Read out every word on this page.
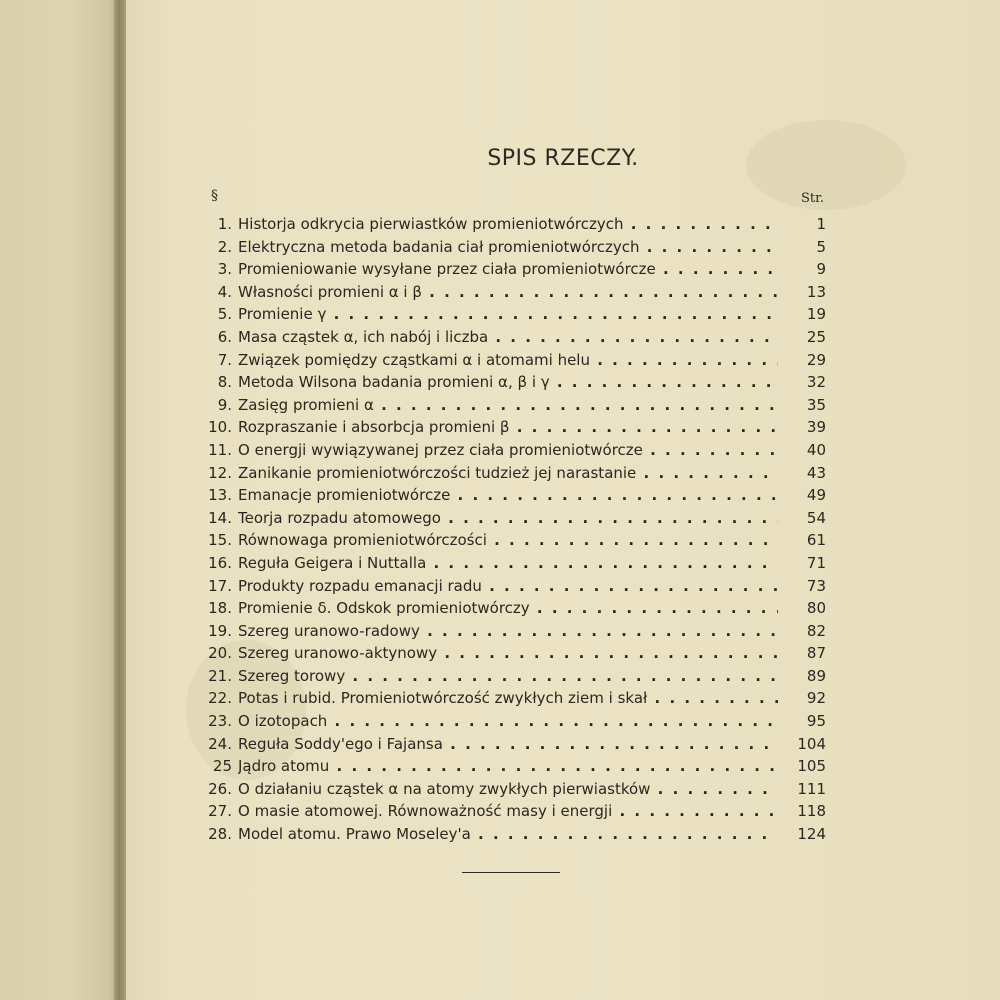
SPIS RZECZY.
§	Str.
1. Historja odkrycia pierwiastków promieniotwórczych . . .	1
2. Elektryczna metoda badania ciał promieniotwórczych . . .	5
3. Promieniowanie wysyłane przez ciała promieniotwórcze . . .	9
4. Własności promieni α i β . . .	13
5. Promienie γ . . .	19
6. Masa cząstek α, ich nabój i liczba . . .	25
7. Związek pomiędzy cząstkami α i atomami helu . . .	29
8. Metoda Wilsona badania promieni α, β i γ . . .	32
9. Zasięg promieni α . . .	35
10. Rozpraszanie i absorbcja promieni β . . .	39
11. O energji wywiązywanej przez ciała promieniotwórcze . . .	40
12. Zanikanie promieniotwórczości tudzież jej narastanie . . .	43
13. Emanacje promieniotwórcze . . .	49
14. Teorja rozpadu atomowego . . .	54
15. Równowaga promieniotwórczości . . .	61
16. Reguła Geigera i Nuttalla . . .	71
17. Produkty rozpadu emanacji radu . . .	73
18. Promienie δ. Odskok promieniotwórczy . . .	80
19. Szereg uranowo-radowy . . .	82
20. Szereg uranowo-aktynowy . . .	87
21. Szereg torowy . . .	89
22. Potas i rubid. Promieniotwórczość zwykłych ziem i skał . . .	92
23. O izotopach . . .	95
24. Reguła Soddy'ego i Fajansa . . .	104
25 Jądro atomu . . .	105
26. O działaniu cząstek α na atomy zwykłych pierwiastków . . .	111
27. O masie atomowej. Równoważność masy i energji . . .	118
28. Model atomu. Prawo Moseley'a . . .	124
